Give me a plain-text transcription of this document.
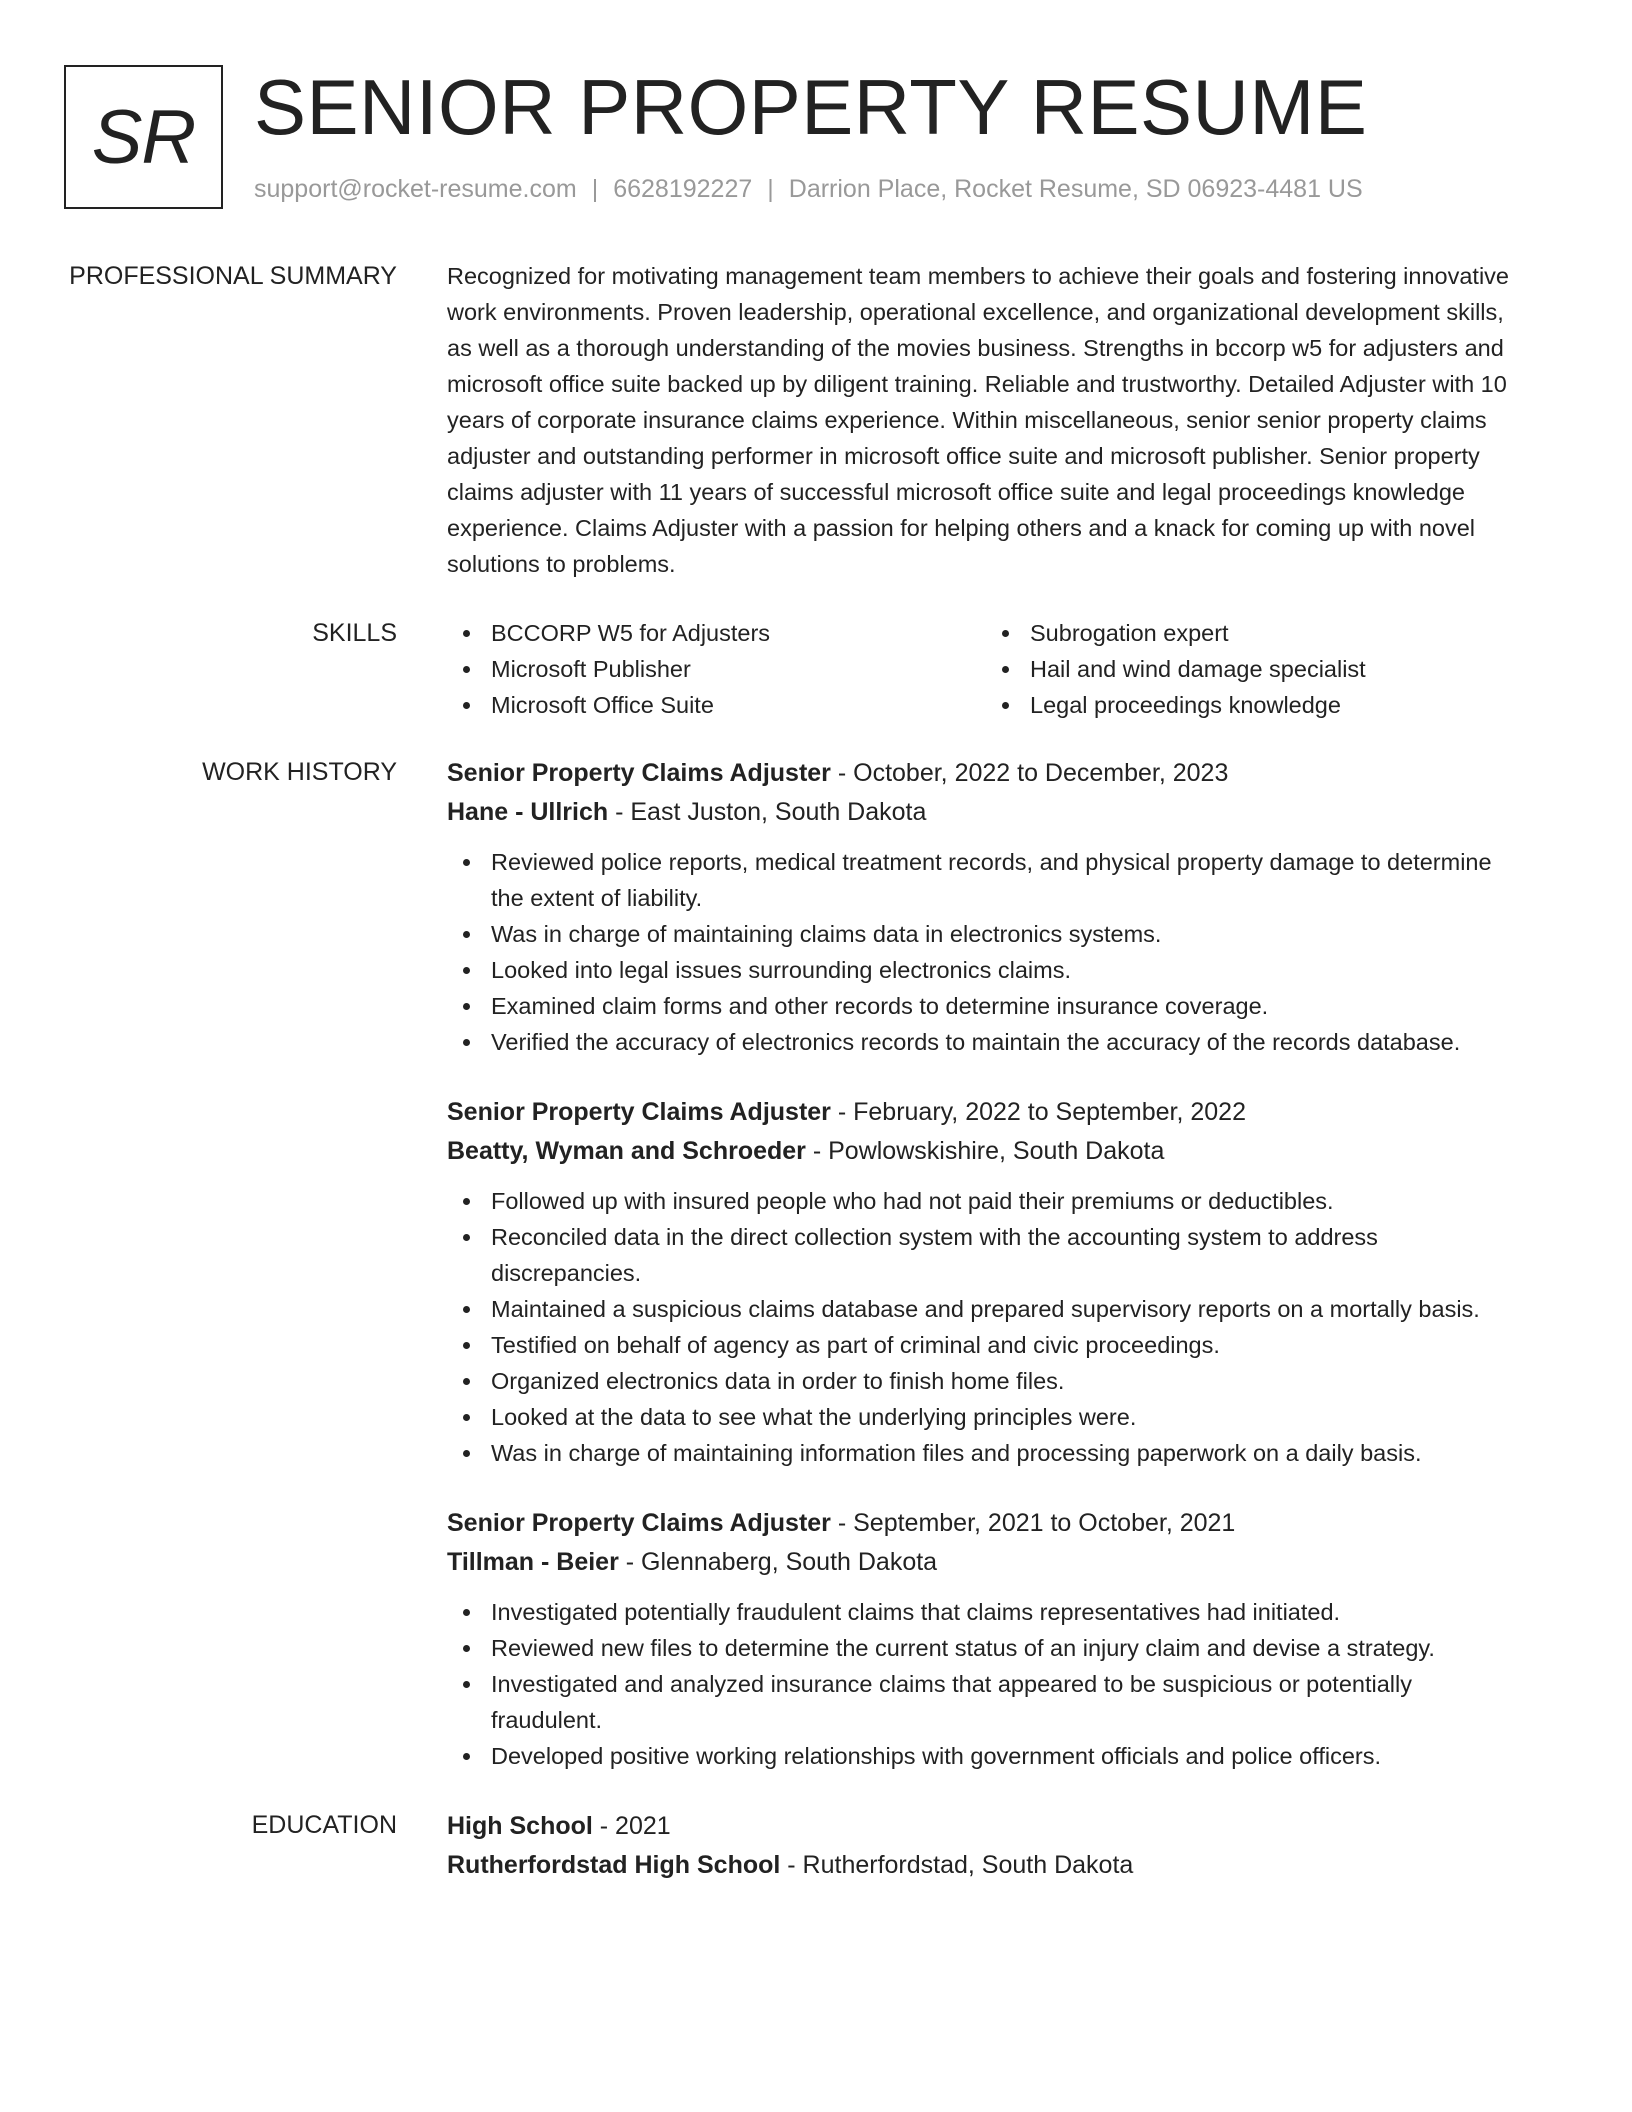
SR SENIOR PROPERTY RESUME
support@rocket-resume.com | 6628192227 | Darrion Place, Rocket Resume, SD 06923-4481 US
PROFESSIONAL SUMMARY	Recognized for motivating management team members to achieve their goals and fostering innovative work environments. Proven leadership, operational excellence, and organizational development skills, as well as a thorough understanding of the movies business. Strengths in bccorp w5 for adjusters and microsoft office suite backed up by diligent training. Reliable and trustworthy. Detailed Adjuster with 10 years of corporate insurance claims experience. Within miscellaneous, senior senior property claims adjuster and outstanding performer in microsoft office suite and microsoft publisher. Senior property claims adjuster with 11 years of successful microsoft office suite and legal proceedings knowledge experience. Claims Adjuster with a passion for helping others and a knack for coming up with novel solutions to problems.

SKILLS	BCCORP W5 for Adjusters
Microsoft Publisher
Microsoft Office Suite
Subrogation expert
Hail and wind damage specialist
Legal proceedings knowledge
WORK HISTORY	Senior Property Claims Adjuster - October, 2022 to December, 2023
Hane - Ullrich - East Juston, South Dakota
Reviewed police reports, medical treatment records, and physical property damage to determine the extent of liability.
Was in charge of maintaining claims data in electronics systems.
Looked into legal issues surrounding electronics claims.
Examined claim forms and other records to determine insurance coverage.
Verified the accuracy of electronics records to maintain the accuracy of the records database.
Senior Property Claims Adjuster - February, 2022 to September, 2022
Beatty, Wyman and Schroeder - Powlowskishire, South Dakota
Followed up with insured people who had not paid their premiums or deductibles.
Reconciled data in the direct collection system with the accounting system to address discrepancies.
Maintained a suspicious claims database and prepared supervisory reports on a mortally basis.
Testified on behalf of agency as part of criminal and civic proceedings.
Organized electronics data in order to finish home files.
Looked at the data to see what the underlying principles were.
Was in charge of maintaining information files and processing paperwork on a daily basis.
Senior Property Claims Adjuster - September, 2021 to October, 2021
Tillman - Beier - Glennaberg, South Dakota
Investigated potentially fraudulent claims that claims representatives had initiated.
Reviewed new files to determine the current status of an injury claim and devise a strategy.
Investigated and analyzed insurance claims that appeared to be suspicious or potentially fraudulent.
Developed positive working relationships with government officials and police officers.
EDUCATION	High School - 2021
Rutherfordstad High School - Rutherfordstad, South Dakota
